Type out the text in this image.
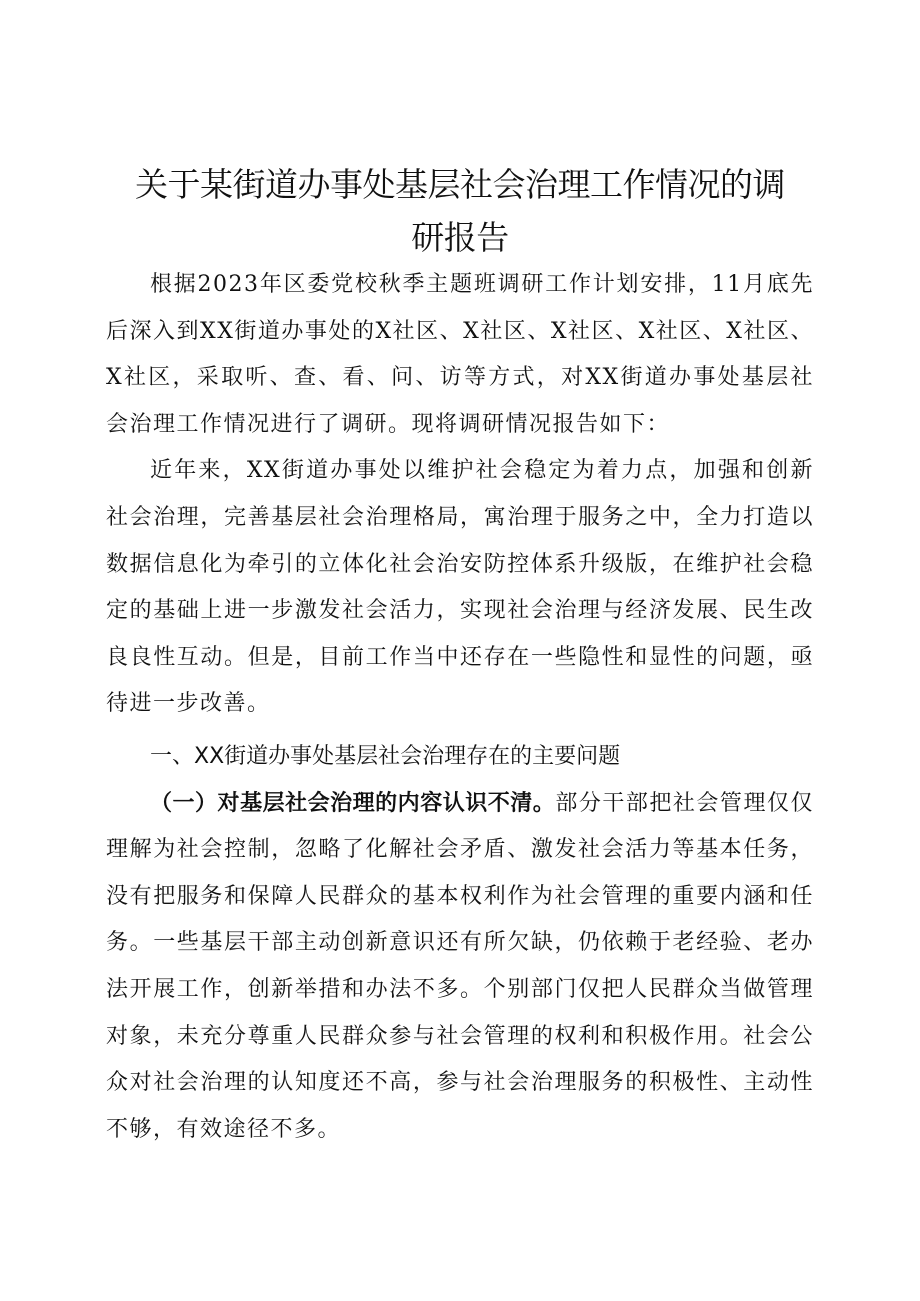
关于某街道办事处基层社会治理工作情况的调
研报告

根据2023年区委党校秋季主题班调研工作计划安排，11月底先后深入到XX街道办事处的X社区、X社区、X社区、X社区、X社区、X社区，采取听、查、看、问、访等方式，对XX街道办事处基层社会治理工作情况进行了调研。现将调研情况报告如下：

近年来，XX街道办事处以维护社会稳定为着力点，加强和创新社会治理，完善基层社会治理格局，寓治理于服务之中，全力打造以数据信息化为牵引的立体化社会治安防控体系升级版，在维护社会稳定的基础上进一步激发社会活力，实现社会治理与经济发展、民生改良良性互动。但是，目前工作当中还存在一些隐性和显性的问题，亟待进一步改善。

一、XX街道办事处基层社会治理存在的主要问题

（一）对基层社会治理的内容认识不清。部分干部把社会管理仅仅理解为社会控制，忽略了化解社会矛盾、激发社会活力等基本任务，没有把服务和保障人民群众的基本权利作为社会管理的重要内涵和任务。一些基层干部主动创新意识还有所欠缺，仍依赖于老经验、老办法开展工作，创新举措和办法不多。个别部门仅把人民群众当做管理对象，未充分尊重人民群众参与社会管理的权利和积极作用。社会公众对社会治理的认知度还不高，参与社会治理服务的积极性、主动性不够，有效途径不多。
